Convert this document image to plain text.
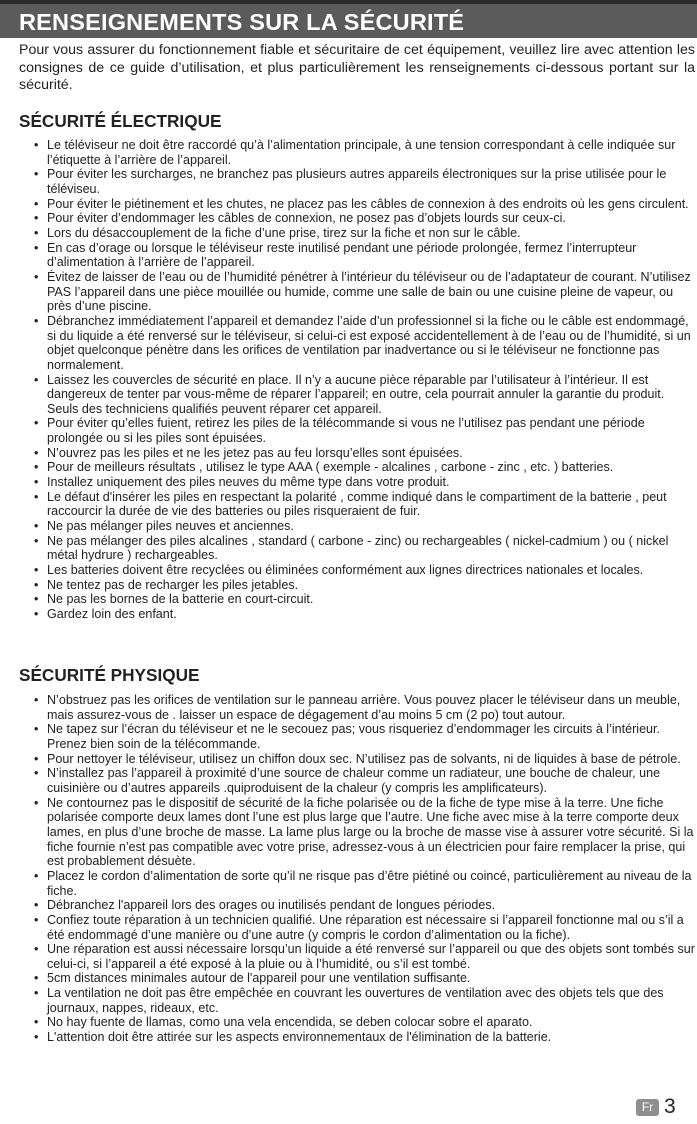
RENSEIGNEMENTS SUR LA SÉCURITÉ
Pour vous assurer du fonctionnement fiable et sécuritaire de cet équipement, veuillez lire avec attention les consignes de ce guide d’utilisation, et plus particulièrement les renseignements ci-dessous portant sur la sécurité.
SÉCURITÉ ÉLECTRIQUE
• Le téléviseur ne doit être raccordé qu’à l’alimentation principale, à une tension correspondant à celle indiquée sur l’étiquette à l’arrière de l’appareil.
• Pour éviter les surcharges, ne branchez pas plusieurs autres appareils électroniques sur la prise utilisée pour le téléviseu.
• Pour éviter le piétinement et les chutes, ne placez pas les câbles de connexion à des endroits où les gens circulent.
• Pour éviter d’endommager les câbles de connexion, ne posez pas d’objets lourds sur ceux-ci.
• Lors du désaccouplement de la fiche d’une prise, tirez sur la fiche et non sur le câble.
• En cas d’orage ou lorsque le téléviseur reste inutilisé pendant une période prolongée, fermez l’interrupteur d’alimentation à l’arrière de l’appareil.
• Évitez de laisser de l’eau ou de l’humidité pénétrer à l’intérieur du téléviseur ou de l’adaptateur de courant. N’utilisez PAS l’appareil dans une pièce mouillée ou humide, comme une salle de bain ou une cuisine pleine de vapeur, ou près d’une piscine.
• Débranchez immédiatement l’appareil et demandez l’aide d’un professionnel si la fiche ou le câble est endommagé, si du liquide a été renversé sur le téléviseur, si celui-ci est exposé accidentellement à de l’eau ou de l’humidité, si un objet quelconque pénètre dans les orifices de ventilation par inadvertance ou si le téléviseur ne fonctionne pas normalement.
• Laissez les couvercles de sécurité en place. Il n’y a aucune pièce réparable par l’utilisateur à l’intérieur. Il est dangereux de tenter par vous-même de réparer l’appareil; en outre, cela pourrait annuler la garantie du produit. Seuls des techniciens qualifiés peuvent réparer cet appareil.
• Pour éviter qu’elles fuient, retirez les piles de la télécommande si vous ne l’utilisez pas pendant une période prolongée ou si les piles sont épuisées.
• N’ouvrez pas les piles et ne les jetez pas au feu lorsqu’elles sont épuisées.
• Pour de meilleurs résultats , utilisez le type AAA ( exemple - alcalines , carbone - zinc , etc. ) batteries.
• Installez uniquement des piles neuves du même type dans votre produit.
• Le défaut d'insérer les piles en respectant la polarité , comme indiqué dans le compartiment de la batterie , peut raccourcir la durée de vie des batteries ou piles risqueraient de fuir.
• Ne pas mélanger piles neuves et anciennes.
• Ne pas mélanger des piles alcalines , standard ( carbone - zinc) ou rechargeables ( nickel-cadmium ) ou ( nickel métal hydrure ) rechargeables.
• Les batteries doivent être recyclées ou éliminées conformément aux lignes directrices nationales et locales.
• Ne tentez pas de recharger les piles jetables.
• Ne pas les bornes de la batterie en court-circuit.
• Gardez loin des enfant.
SÉCURITÉ PHYSIQUE
• N’obstruez pas les orifices de ventilation sur le panneau arrière. Vous pouvez placer le téléviseur dans un meuble, mais assurez-vous de . laisser un espace de dégagement d’au moins 5 cm (2 po) tout autour.
• Ne tapez sur l’écran du téléviseur et ne le secouez pas; vous risqueriez d’endommager les circuits à l’intérieur. Prenez bien soin de la télécommande.
• Pour nettoyer le téléviseur, utilisez un chiffon doux sec. N’utilisez pas de solvants, ni de liquides à base de pétrole.
• N’installez pas l’appareil à proximité d’une source de chaleur comme un radiateur, une bouche de chaleur, une cuisinière ou d’autres appareils .quiproduisent de la chaleur (y compris les amplificateurs).
• Ne contournez pas le dispositif de sécurité de la fiche polarisée ou de la fiche de type mise à la terre. Une fiche polarisée comporte deux lames dont l’une est plus large que l’autre. Une fiche avec mise à la terre comporte deux lames, en plus d’une broche de masse. La lame plus large ou la broche de masse vise à assurer votre sécurité. Si la fiche fournie n’est pas compatible avec votre prise, adressez-vous à un électricien pour faire remplacer la prise, qui est probablement désuète.
• Placez le cordon d’alimentation de sorte qu’il ne risque pas d’être piétiné ou coincé, particulièrement au niveau de la fiche.
• Débranchez l'appareil lors des orages ou inutilisés pendant de longues périodes.
• Confiez toute réparation à un technicien qualifié. Une réparation est nécessaire si l’appareil fonctionne mal ou s’il a été endommagé d’une manière ou d’une autre (y compris le cordon d’alimentation ou la fiche).
• Une réparation est aussi nécessaire lorsqu’un liquide a été renversé sur l’appareil ou que des objets sont tombés sur celui-ci, si l’appareil a été exposé à la pluie ou à l’humidité, ou s’il est tombé.
• 5cm distances minimales autour de l'appareil pour une ventilation suffisante.
• La ventilation ne doit pas être empêchée en couvrant les ouvertures de ventilation avec des objets tels que des journaux, nappes, rideaux, etc.
• No hay fuente de llamas, como una vela encendida, se deben colocar sobre el aparato.
• L'attention doit être attirée sur les aspects environnementaux de l'élimination de la batterie.
Fr 3
